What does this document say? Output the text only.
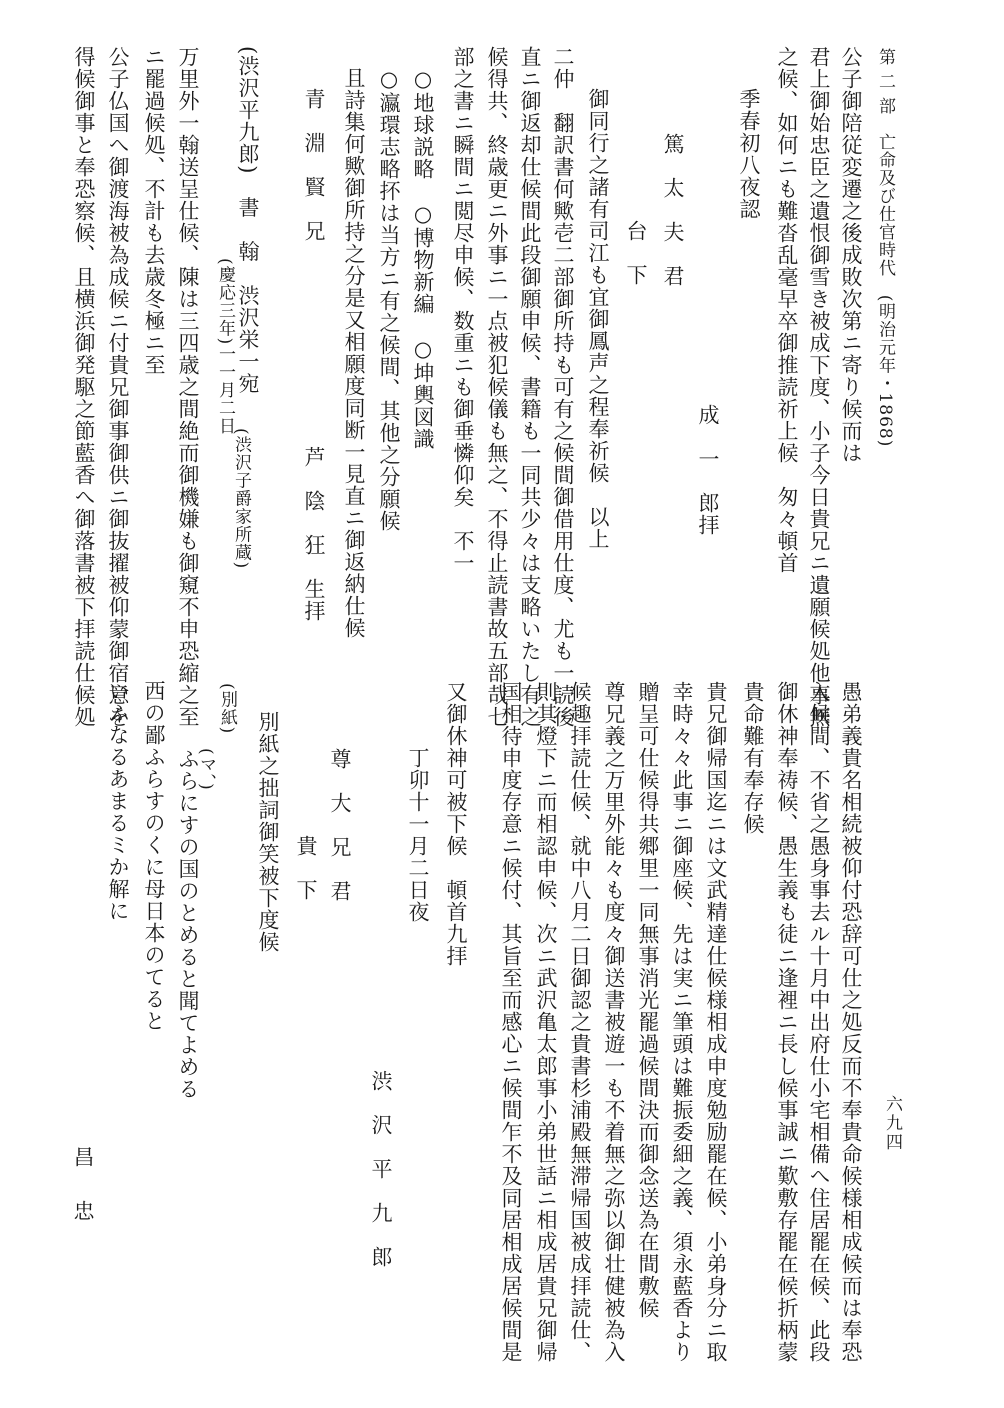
第 二 部　亡命及び仕官時代　(明治元年・1868)
六九四
公子御陪従変遷之後成敗次第ニ寄り候而は
君上御始忠臣之遺恨御雪き被成下度、小子今日貴兄ニ遺願候処他事無
之候、如何ニも難沓乱毫早卒御推読祈上候　匆々頓首
季春初八夜認
成　一　郎拝
篤　太　夫　君
台　下
御同行之諸有司江も宜御鳳声之程奉祈候　以上
二仲　翻訳書何歟壱二部御所持も可有之候間御借用仕度、尤も一読後
直ニ御返却仕候間此段御願申候、書籍も一同共少々は支略いたし有之
候得共、終歳更ニ外事ニ一点被犯候儀も無之、不得止読書故五部哉七
部之書ニ瞬間ニ閲尽申候、数重ニも御垂憐仰矣　不一
○地球説略　○博物新編　○坤輿図識
○瀛環志略抔は当方ニ有之候間、其他之分願候
且詩集何歟御所持之分是又相願度同断一見直ニ御返納仕候
芦　陰　狂　生拝
青　淵　賢　兄
(渋沢子爵家所蔵)
(渋沢平九郎)　書　翰　渋沢栄一宛
(慶応三年)一一月二日
万里外一翰送呈仕候、陳は三四歳之間絶而御機嫌も御窺不申恐縮之至
ニ罷過候処、不計も去歳冬極ニ至
公子仏国へ御渡海被為成候ニ付貴兄御事御供ニ御抜擢被仰蒙御宿意を
得候御事と奉恐察候、且横浜御発駆之節藍香へ御落書被下拝読仕候処
愚弟義貴名相続被仰付恐辞可仕之処反而不奉貴命候様相成候而は奉恐
入候間、不省之愚身事去ル十月中出府仕小宅相備へ住居罷在候、此段
御休神奉祷候、愚生義も徒ニ逢裡ニ長し候事誠ニ歎敷存罷在候折柄蒙
貴命難有奉存候
貴兄御帰国迄ニは文武精達仕候様相成申度勉励罷在候、小弟身分ニ取
幸時々々此事ニ御座候、先は実ニ筆頭は難振委細之義、須永藍香より
贈呈可仕候得共郷里一同無事消光罷過候間決而御念送為在間敷候
尊兄義之万里外能々も度々御送書被遊一も不着無之弥以御壮健被為入
候趣拝読仕候、就中八月二日御認之貴書杉浦殿無滞帰国被成拝読仕、
則其燈下ニ而相認申候、次ニ武沢亀太郎事小弟世話ニ相成居貴兄御帰
国相待申度存意ニ候付、其旨至而感心ニ候間乍不及同居相成居候間是
又御休神可被下候　頓首九拝
丁卯十一月二日夜
渋　沢　平　九　郎
尊　大　兄　君
貴　下
別紙之拙詞御笑被下度候
(別紙)
(マ、)
ふらにすの国のとめると聞てよめる
西の鄙ふらすのくに母日本のてると
いふなるあまるミか解に
昌　忠
